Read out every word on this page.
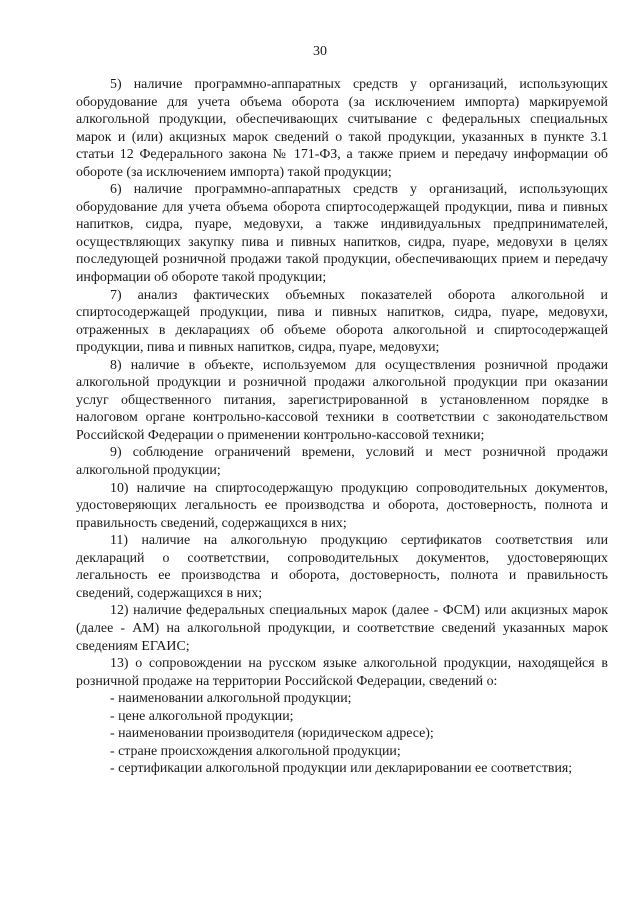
30

5) наличие программно-аппаратных средств у организаций, использующих оборудование для учета объема оборота (за исключением импорта) маркируемой алкогольной продукции, обеспечивающих считывание с федеральных специальных марок и (или) акцизных марок сведений о такой продукции, указанных в пункте 3.1 статьи 12 Федерального закона № 171-ФЗ, а также прием и передачу информации об обороте (за исключением импорта) такой продукции;

6) наличие программно-аппаратных средств у организаций, использующих оборудование для учета объема оборота спиртосодержащей продукции, пива и пивных напитков, сидра, пуаре, медовухи, а также индивидуальных предпринимателей, осуществляющих закупку пива и пивных напитков, сидра, пуаре, медовухи в целях последующей розничной продажи такой продукции, обеспечивающих прием и передачу информации об обороте такой продукции;

7) анализ фактических объемных показателей оборота алкогольной и спиртосодержащей продукции, пива и пивных напитков, сидра, пуаре, медовухи, отраженных в декларациях об объеме оборота алкогольной и спиртосодержащей продукции, пива и пивных напитков, сидра, пуаре, медовухи;

8) наличие в объекте, используемом для осуществления розничной продажи алкогольной продукции и розничной продажи алкогольной продукции при оказании услуг общественного питания, зарегистрированной в установленном порядке в налоговом органе контрольно-кассовой техники в соответствии с законодательством Российской Федерации о применении контрольно-кассовой техники;

9) соблюдение ограничений времени, условий и мест розничной продажи алкогольной продукции;

10) наличие на спиртосодержащую продукцию сопроводительных документов, удостоверяющих легальность ее производства и оборота, достоверность, полнота и правильность сведений, содержащихся в них;

11) наличие на алкогольную продукцию сертификатов соответствия или деклараций о соответствии, сопроводительных документов, удостоверяющих легальность ее производства и оборота, достоверность, полнота и правильность сведений, содержащихся в них;

12) наличие федеральных специальных марок (далее - ФСМ) или акцизных марок (далее - АМ) на алкогольной продукции, и соответствие сведений указанных марок сведениям ЕГАИС;

13) о сопровождении на русском языке алкогольной продукции, находящейся в розничной продаже на территории Российской Федерации, сведений о:

- наименовании алкогольной продукции;

- цене алкогольной продукции;

- наименовании производителя (юридическом адресе);

- стране происхождения алкогольной продукции;

- сертификации алкогольной продукции или декларировании ее соответствия;
